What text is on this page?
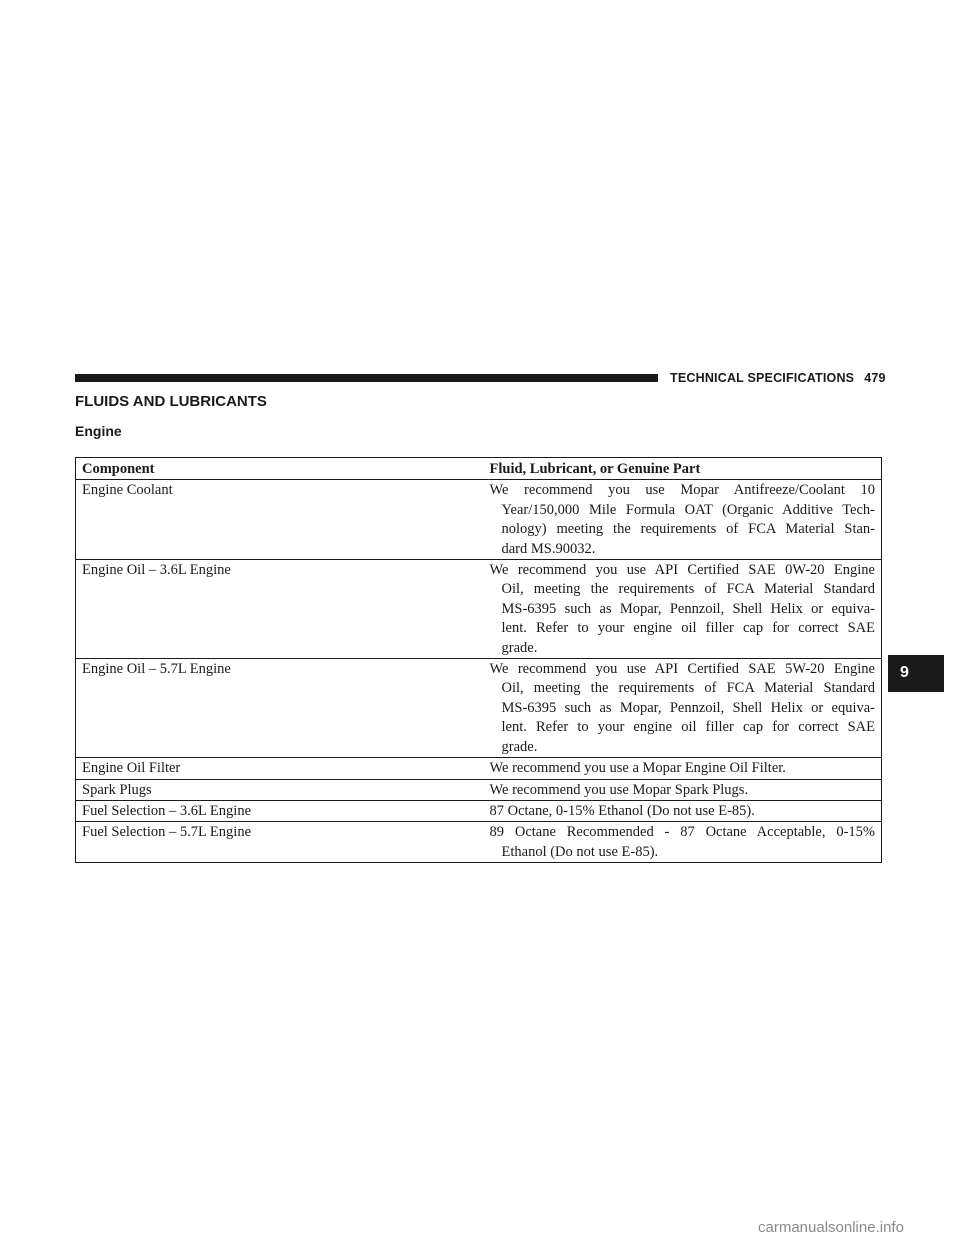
TECHNICAL SPECIFICATIONS 479
FLUIDS AND LUBRICANTS
Engine
Component	Fluid, Lubricant, or Genuine Part
Engine Coolant	We recommend you use Mopar Antifreeze/Coolant 10
Year/150,000 Mile Formula OAT (Organic Additive Tech-
nology) meeting the requirements of FCA Material Stan-
dard MS.90032.

Engine Oil – 3.6L Engine	We recommend you use API Certified SAE 0W-20 Engine
Oil, meeting the requirements of FCA Material Standard
MS-6395 such as Mopar, Pennzoil, Shell Helix or equiva-
lent. Refer to your engine oil filler cap for correct SAE
grade.

Engine Oil – 5.7L Engine	We recommend you use API Certified SAE 5W-20 Engine
Oil, meeting the requirements of FCA Material Standard
MS-6395 such as Mopar, Pennzoil, Shell Helix or equiva-
lent. Refer to your engine oil filler cap for correct SAE
grade.

Engine Oil Filter	We recommend you use a Mopar Engine Oil Filter.

Spark Plugs	We recommend you use Mopar Spark Plugs.

Fuel Selection – 3.6L Engine	87 Octane, 0-15% Ethanol (Do not use E-85).

Fuel Selection – 5.7L Engine	89 Octane Recommended - 87 Octane Acceptable, 0-15%
Ethanol (Do not use E-85).
9
carmanualsonline.info
